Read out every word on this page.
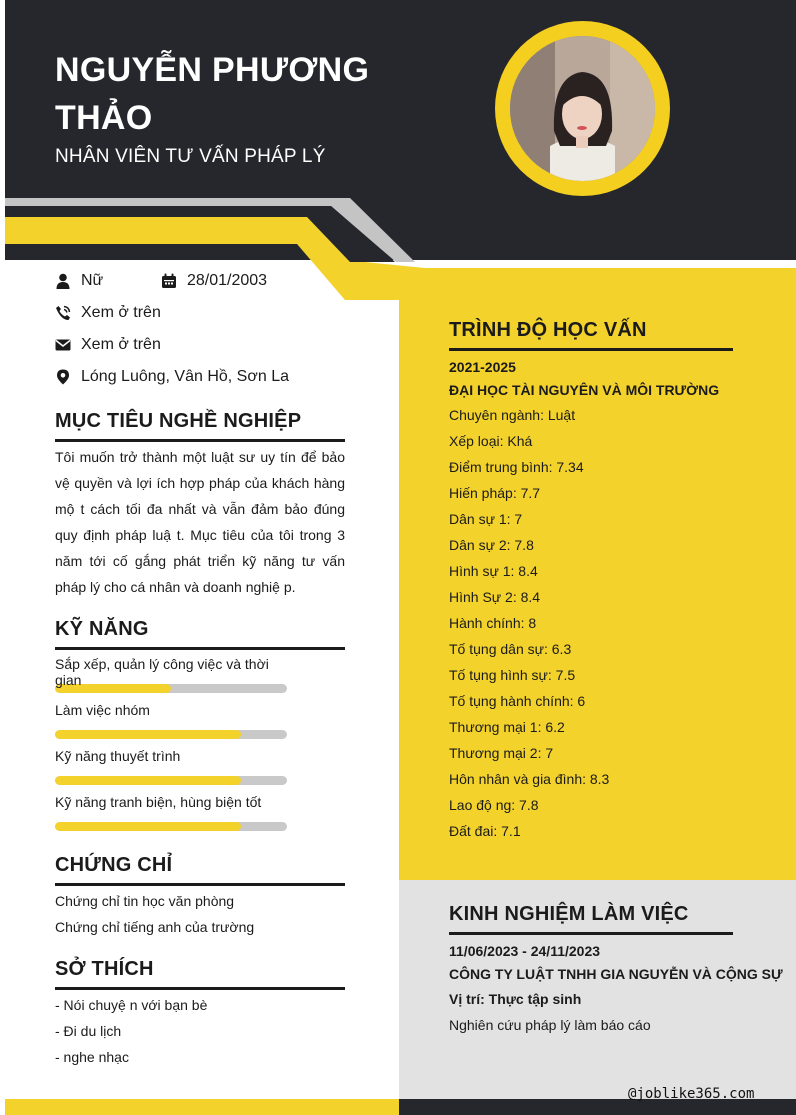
NGUYỄN PHƯƠNG THẢO
NHÂN VIÊN TƯ VẤN PHÁP LÝ
Nữ	28/01/2003
Xem ở trên
Xem ở trên
Lóng Luông, Vân Hồ, Sơn La
MỤC TIÊU NGHỀ NGHIỆP
Tôi muốn trở thành một luật sư uy tín để bảo vệ quyền và lợi ích hợp pháp của khách hàng mộ t cách tối đa nhất và vẫn đảm bảo đúng quy định pháp luậ t. Mục tiêu của tôi trong 3 năm tới cố gắng phát triển kỹ năng tư vấn pháp lý cho cá nhân và doanh nghiệ p.
KỸ NĂNG
Sắp xếp, quản lý công việc và thời gian
Làm việc nhóm
Kỹ năng thuyết trình
Kỹ năng tranh biện, hùng biện tốt
CHỨNG CHỈ
Chứng chỉ tin học văn phòng
Chứng chỉ tiếng anh của trường
SỞ THÍCH
- Nói chuyệ n với bạn bè
- Đi du lịch
- nghe nhạc
TRÌNH ĐỘ HỌC VẤN
2021-2025
ĐẠI HỌC TÀI NGUYÊN VÀ MÔI TRƯỜNG
Chuyên ngành: Luật
Xếp loại: Khá
Điểm trung bình: 7.34
Hiến pháp: 7.7
Dân sự 1: 7
Dân sự 2: 7.8
Hình sự 1: 8.4
Hình Sự 2: 8.4
Hành chính: 8
Tố tụng dân sự: 6.3
Tố tụng hình sự: 7.5
Tố tụng hành chính: 6
Thương mại 1: 6.2
Thương mại 2: 7
Hôn nhân và gia đình: 8.3
Lao độ ng: 7.8
Đất đai: 7.1
KINH NGHIỆM LÀM VIỆC
11/06/2023 - 24/11/2023
CÔNG TY LUẬT TNHH GIA NGUYỄN VÀ CỘNG SỰ
Vị trí: Thực tập sinh
Nghiên cứu pháp lý làm báo cáo
@joblike365.com
